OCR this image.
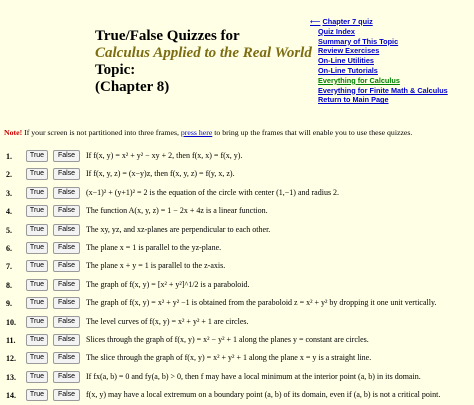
True/False Quizzes for
Calculus Applied to the Real World
Topic:
(Chapter 8)
⟵ Chapter 7 quiz
Quiz Index
Summary of This Topic
Review Exercises
On-Line Utilities
On-Line Tutorials
Everything for Calculus
Everything for Finite Math & Calculus
Return to Main Page
Note! If your screen is not partitioned into three frames, press here to bring up the frames that will enable you to use these quizzes.
1.	True	False	If f(x, y) = x² + y² − xy + 2, then f(x, x) = f(x, y).
2.	True	False	If f(x, y, z) = (x−y)z, then f(x, y, z) = f(y, x, z).
3.	True	False	(x−1)² + (y+1)² = 2 is the equation of the circle with center (1,−1) and radius 2.
4.	True	False	The function A(x, y, z) = 1 − 2x + 4z is a linear function.
5.	True	False	The xy, yz, and xz-planes are perpendicular to each other.
6.	True	False	The plane x = 1 is parallel to the yz-plane.
7.	True	False	The plane x + y = 1 is parallel to the z-axis.
8.	True	False	The graph of f(x, y) = [x² + y²]^1/2 is a paraboloid.
9.	True	False	The graph of f(x, y) = x² + y² −1 is obtained from the paraboloid z = x² + y² by dropping it one unit vertically.
10.	True	False	The level curves of f(x, y) = x² + y² + 1 are circles.
11.	True	False	Slices through the graph of f(x, y) = x² − y² + 1 along the planes y = constant are circles.
12.	True	False	The slice through the graph of f(x, y) = x² + y² + 1 along the plane x = y is a straight line.
13.	True	False	If fx(a, b) = 0 and fy(a, b) > 0, then f may have a local minimum at the interior point (a, b) in its domain.
14.	True	False	f(x, y) may have a local extremum on a boundary point (a, b) of its domain, even if (a, b) is not a critical point.
